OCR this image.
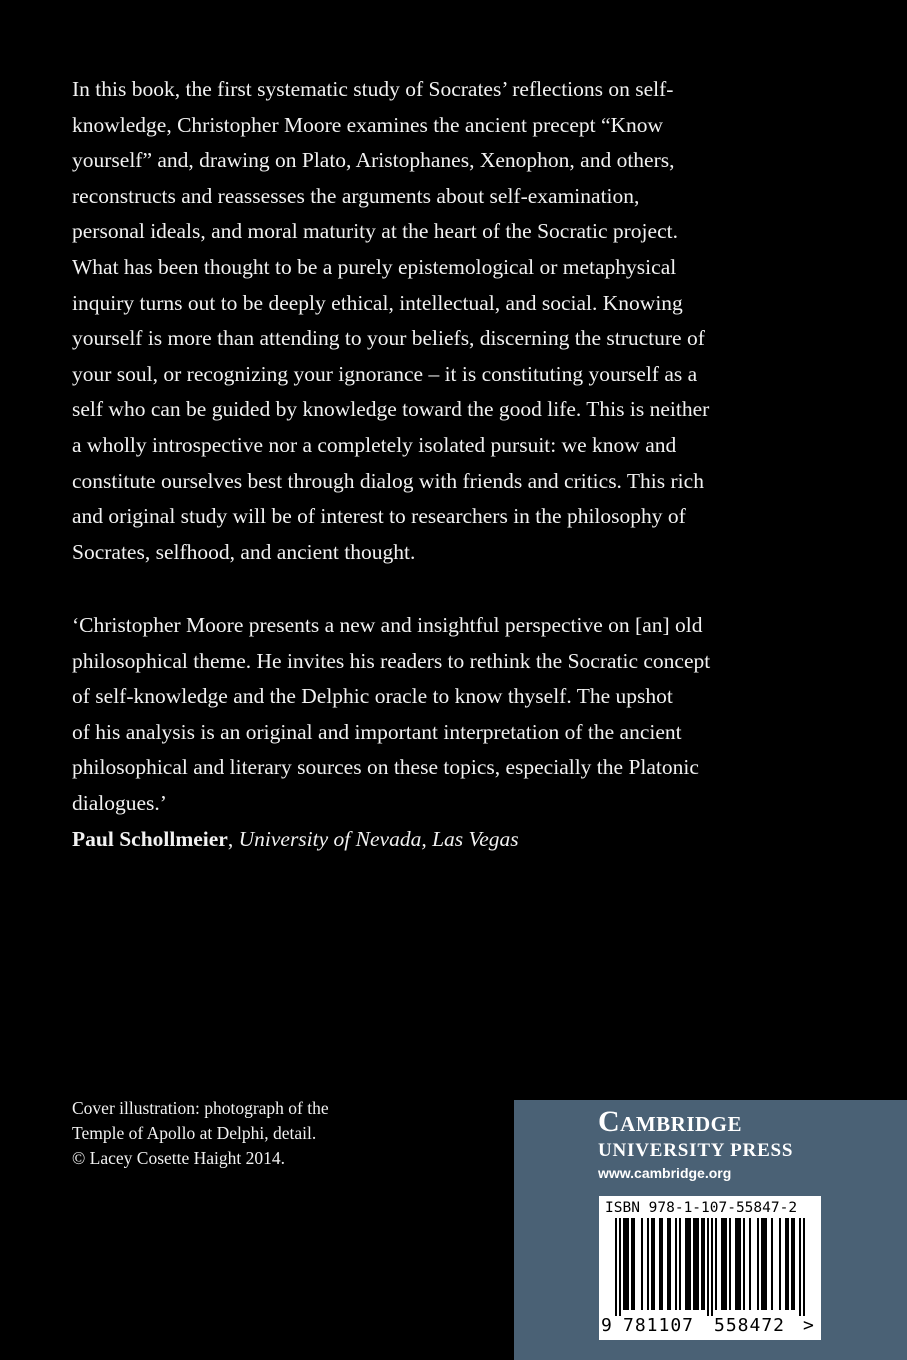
In this book, the first systematic study of Socrates’ reflections on self-
knowledge, Christopher Moore examines the ancient precept “Know
yourself” and, drawing on Plato, Aristophanes, Xenophon, and others,
reconstructs and reassesses the arguments about self-examination,
personal ideals, and moral maturity at the heart of the Socratic project.
What has been thought to be a purely epistemological or metaphysical
inquiry turns out to be deeply ethical, intellectual, and social. Knowing
yourself is more than attending to your beliefs, discerning the structure of
your soul, or recognizing your ignorance – it is constituting yourself as a
self who can be guided by knowledge toward the good life. This is neither
a wholly introspective nor a completely isolated pursuit: we know and
constitute ourselves best through dialog with friends and critics. This rich
and original study will be of interest to researchers in the philosophy of
Socrates, selfhood, and ancient thought.
‘Christopher Moore presents a new and insightful perspective on [an] old
philosophical theme. He invites his readers to rethink the Socratic concept
of self-knowledge and the Delphic oracle to know thyself. The upshot
of his analysis is an original and important interpretation of the ancient
philosophical and literary sources on these topics, especially the Platonic
dialogues.’
Paul Schollmeier, University of Nevada, Las Vegas
Cover illustration: photograph of the
Temple of Apollo at Delphi, detail.
© Lacey Cosette Haight 2014.
Cambridge
UNIVERSITY PRESS
www.cambridge.org
ISBN 978-1-107-55847-2
9 781107 558472 >
